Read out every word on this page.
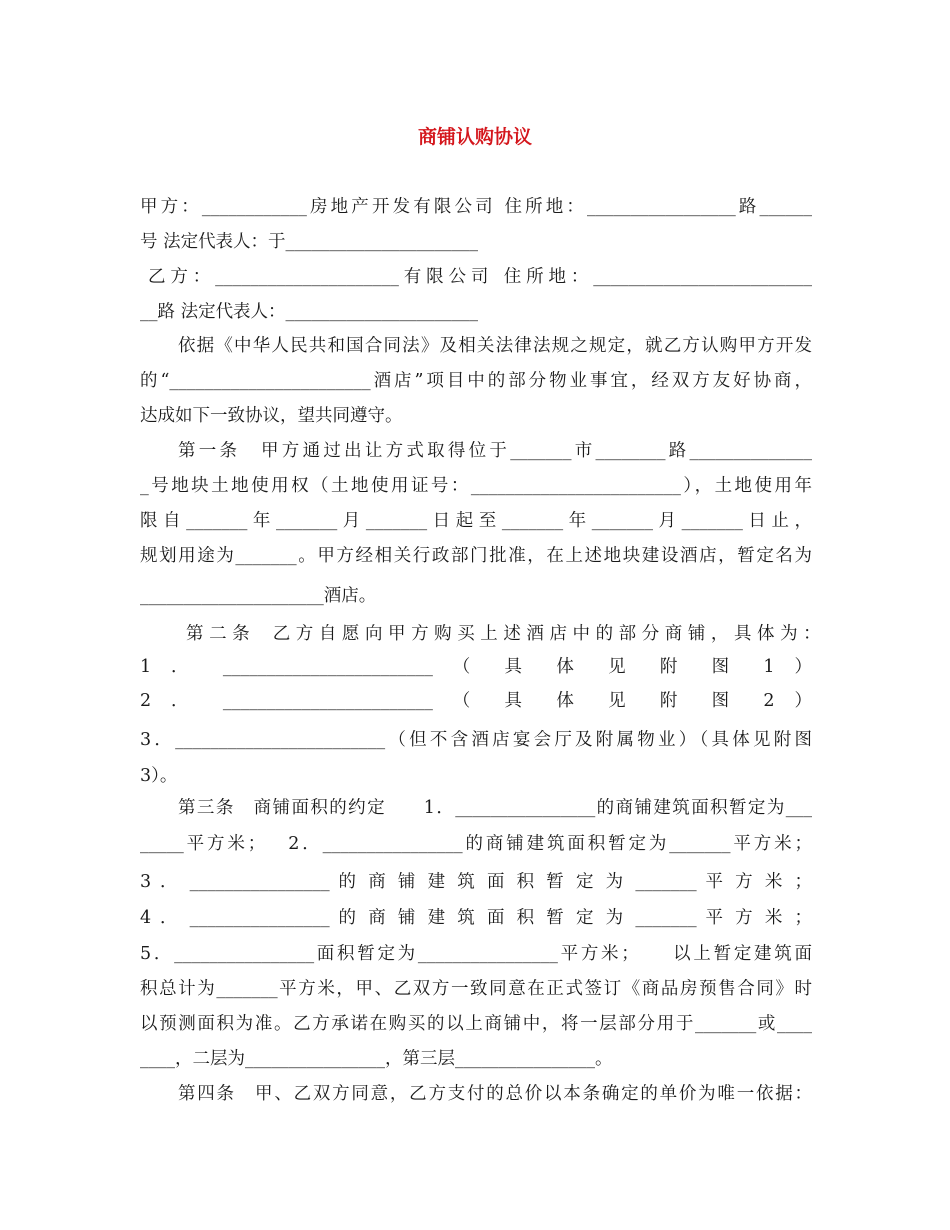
商铺认购协议
甲方：____________房地产开发有限公司 住所地：_________________路______
号 法定代表人：于______________________
乙方：_____________________有限公司 住所地：_________________________
__路 法定代表人：______________________
依据《中华人民共和国合同法》及相关法律法规之规定，就乙方认购甲方开发
的“_______________________酒店”项目中的部分物业事宜，经双方友好协商，
达成如下一致协议，望共同遵守。
第一条　甲方通过出让方式取得位于_______市________路______________
_号地块土地使用权（土地使用证号：________________________），土地使用年
限自_______年_______月_______日起至_______年_______月_______日止，
规划用途为_______。甲方经相关行政部门批准，在上述地块建设酒店，暂定名为
_____________________酒店。
第 二 条　 乙 方 自 愿 向 甲 方 购 买 上 述 酒 店 中 的 部 分 商 铺 ， 具 体 为 ：
1 ． ________________________ （ 具 体 见 附 图 1 ）
2 ． ________________________ （ 具 体 见 附 图 2 ）
3．________________________（但不含酒店宴会厅及附属物业）（具体见附图
3）。
第三条　商铺面积的约定　　1．________________的商铺建筑面积暂定为___
_____平方米；　 2．________________的商铺建筑面积暂定为_______平方米；
3 ． ________________ 的 商 铺 建 筑 面 积 暂 定 为 _______ 平 方 米 ；
4 ． ________________ 的 商 铺 建 筑 面 积 暂 定 为 _______ 平 方 米 ；
5．________________面积暂定为________________平方米；　　以上暂定建筑面
积总计为_______平方米，甲、乙双方一致同意在正式签订《商品房预售合同》时
以预测面积为准。乙方承诺在购买的以上商铺中，将一层部分用于_______或____
____，二层为________________，第三层________________。
第四条　甲、乙双方同意，乙方支付的总价以本条确定的单价为唯一依据：
